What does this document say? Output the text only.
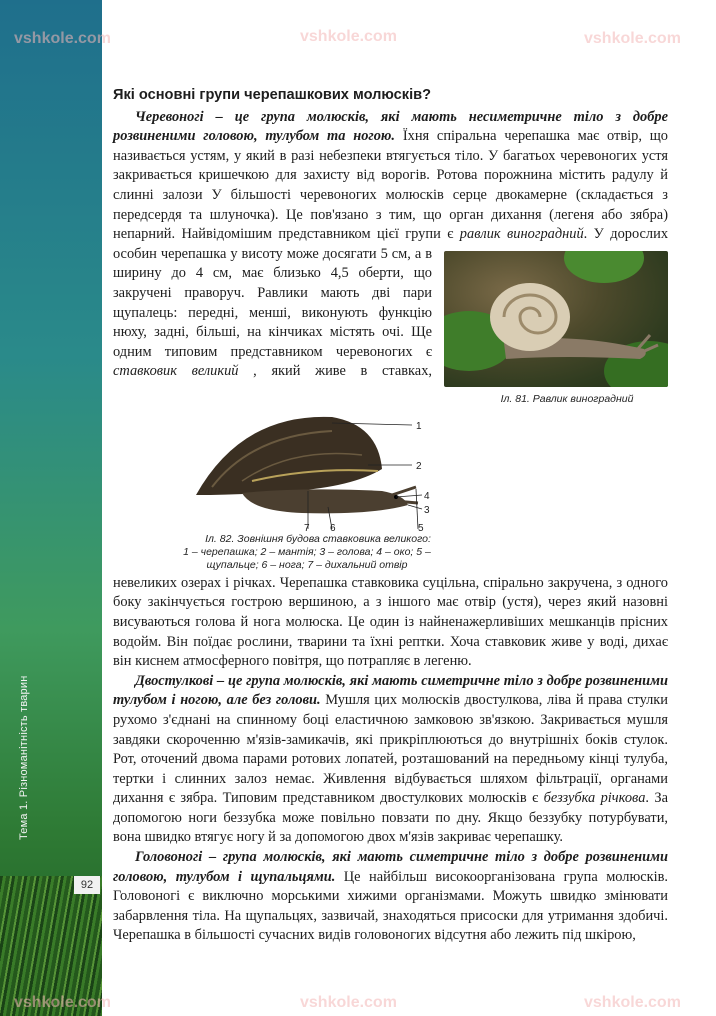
Тема 1. Різноманітність тварин
92
vshkole.com	vshkole.com	vshkole.com
vshkole.com	vshkole.com	vshkole.com
Які основні групи черепашкових молюсків?

Черевоногі – це група молюсків, які мають несиметричне тіло з добре розвиненими головою, тулубом та ногою. Їхня спіральна черепашка має отвір, що називається устям, у який в разі небезпеки втягується тіло. У багатьох черевоногих устя закривається кришечкою для захисту від ворогів. Ротова порожнина містить радулу й слинні залози У більшості черевоногих молюсків серце двокамерне (складається з передсердя та шлуночка). Це пов'язано з тим, що орган дихання (легеня або зябра) непарний. Найвідомішим представником цієї групи є
Іл. 81. Равлик виноградний
равлик виноградний. У дорослих особин черепашка у висоту може досягати 5 см, а в ширину до 4 см, має близько 4,5 оберти, що закручені праворуч. Равлики мають дві пари щупалець: передні, менші, виконують функцію нюху, задні, більші, на кінчиках містять очі. Ще одним типовим представником черевоногих є ставковик великий
1
2
3
4
5
6
7
Іл. 82. Зовнішня будова ставковика великого: 1 – черепашка; 2 – мантія; 3 – голова; 4 – око; 5 – щупальце; 6 – нога; 7 – дихальний отвір
, який живе в ставках, невеликих озерах і річках. Черепашка ставковика суцільна, спірально закручена, з одного боку закінчується гострою вершиною, а з іншого має отвір (устя), через який назовні висуваються голова й нога молюска. Це один із найненажерливіших мешканців прісних водойм. Він поїдає рослини, тварини та їхні рептки. Хоча ставковик живе у воді, дихає він киснем атмосферного повітря, що потрапляє в легеню.

Двостулкові – це група молюсків, які мають симетричне тіло з добре розвиненими тулубом і ногою, але без голови. Мушля цих молюсків двостулкова, ліва й права стулки рухомо з'єднані на спинному боці еластичною замковою зв'язкою. Закривається мушля завдяки скороченню м'язів-замикачів, які прикріплюються до внутрішніх боків стулок. Рот, оточений двома парами ротових лопатей, розташований на передньому кінці тулуба, тертки і слинних залоз немає. Живлення відбувається шляхом фільтрації, органами дихання є зябра. Типовим представником двостулкових молюсків є беззубка річкова. За допомогою ноги беззубка може повільно повзати по дну. Якщо беззубку потурбувати, вона швидко втягує ногу й за допомогою двох м'язів закриває черепашку.

Головоногі – група молюсків, які мають симетричне тіло з добре розвиненими головою, тулубом і щупальцями. Це найбільш високоорганізована група молюсків. Головоногі є виключно морськими хижими організмами. Можуть швидко змінювати забарвлення тіла. На щупальцях, зазвичай, знаходяться присоски для утримання здобичі. Черепашка в більшості сучасних видів головоногих відсутня або лежить під шкірою,
